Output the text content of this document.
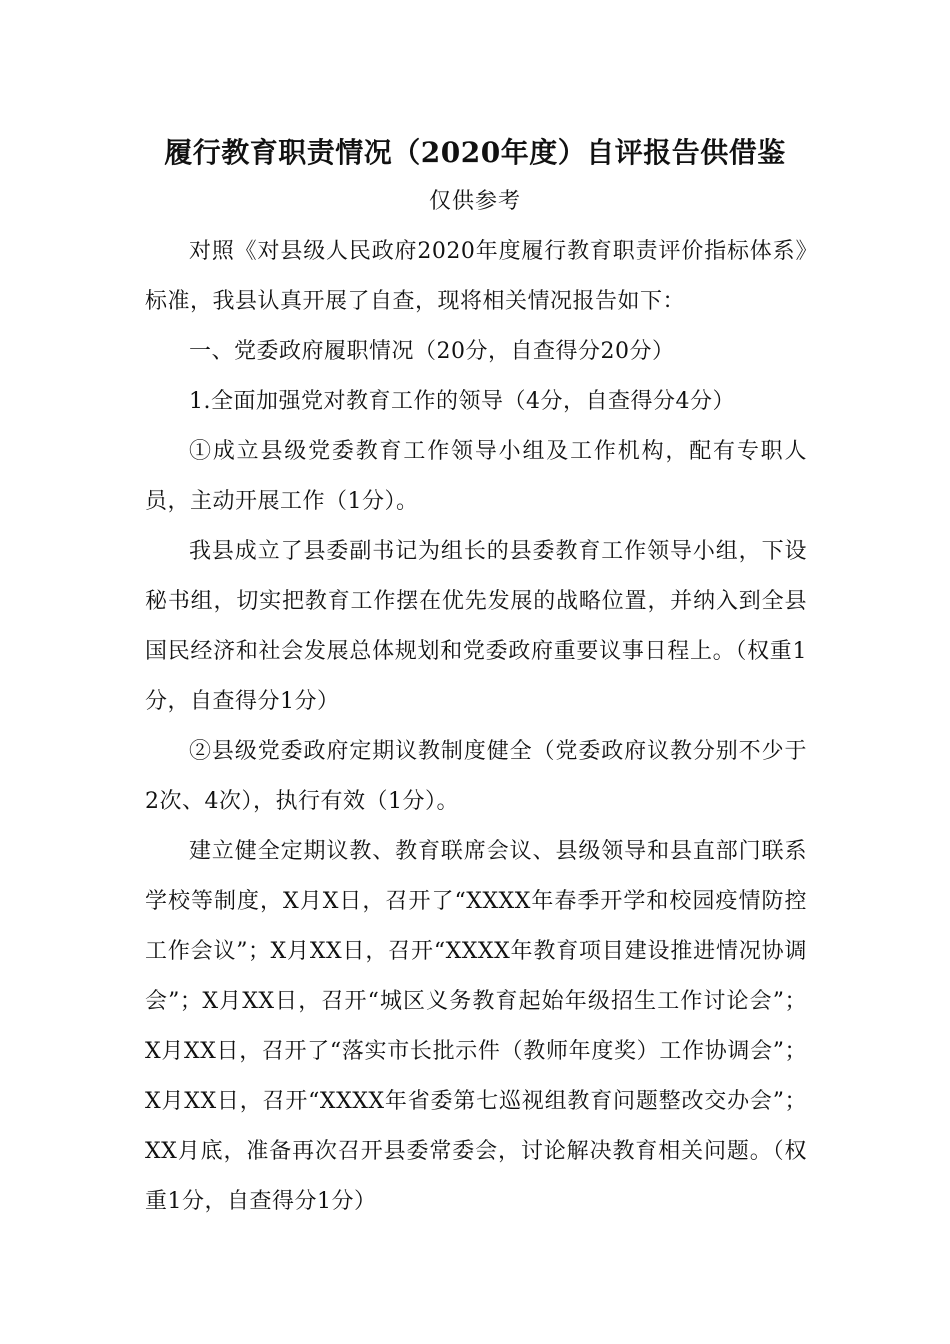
履行教育职责情况（2020年度）自评报告供借鉴
仅供参考

对照《对县级人民政府2020年度履行教育职责评价指标体系》标准，我县认真开展了自查，现将相关情况报告如下：

一、党委政府履职情况（20分，自查得分20分）

1.全面加强党对教育工作的领导（4分，自查得分4分）

①成立县级党委教育工作领导小组及工作机构，配有专职人员，主动开展工作（1分）。

我县成立了县委副书记为组长的县委教育工作领导小组，下设秘书组，切实把教育工作摆在优先发展的战略位置，并纳入到全县国民经济和社会发展总体规划和党委政府重要议事日程上。（权重1分，自查得分1分）

②县级党委政府定期议教制度健全（党委政府议教分别不少于2次、4次），执行有效（1分）。

建立健全定期议教、教育联席会议、县级领导和县直部门联系学校等制度，X月X日，召开了“XXXX年春季开学和校园疫情防控工作会议”；X月XX日，召开“XXXX年教育项目建设推进情况协调会”；X月XX日，召开“城区义务教育起始年级招生工作讨论会”；X月XX日，召开了“落实市长批示件（教师年度奖）工作协调会”；X月XX日，召开“XXXX年省委第七巡视组教育问题整改交办会”；XX月底，准备再次召开县委常委会，讨论解决教育相关问题。（权重1分，自查得分1分）
